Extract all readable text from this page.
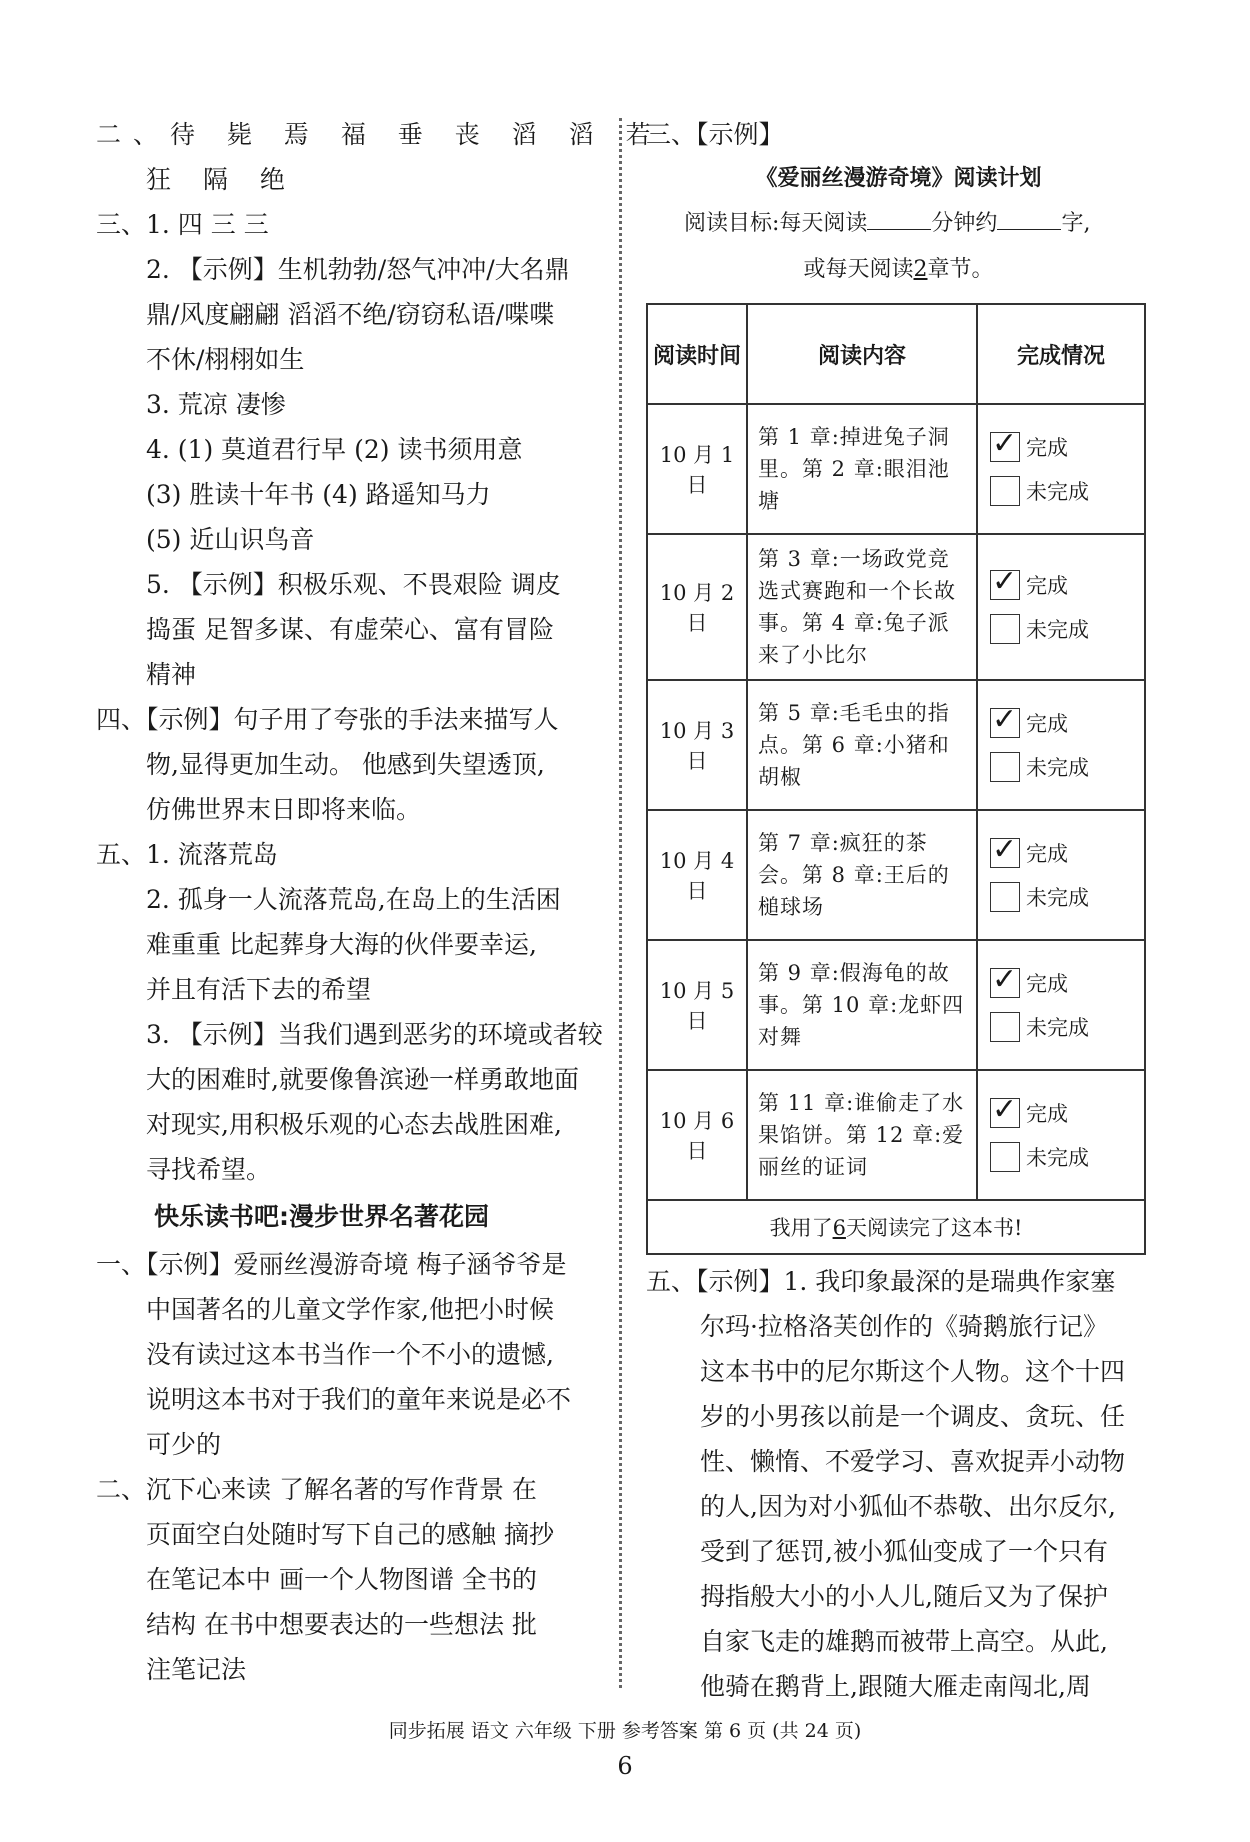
二、待 毙 焉 福 垂 丧 滔 滔 若
狂 隔 绝
三、1. 四 三 三
2. 【示例】生机勃勃/怒气冲冲/大名鼎
鼎/风度翩翩 滔滔不绝/窃窃私语/喋喋
不休/栩栩如生
3. 荒凉 凄惨
4. (1) 莫道君行早 (2) 读书须用意
(3) 胜读十年书 (4) 路遥知马力
(5) 近山识鸟音
5. 【示例】积极乐观、不畏艰险 调皮
捣蛋 足智多谋、有虚荣心、富有冒险
精神
四、【示例】句子用了夸张的手法来描写人
物,显得更加生动。 他感到失望透顶,
仿佛世界末日即将来临。
五、1. 流落荒岛
2. 孤身一人流落荒岛,在岛上的生活困
难重重 比起葬身大海的伙伴要幸运,
并且有活下去的希望
3. 【示例】当我们遇到恶劣的环境或者较
大的困难时,就要像鲁滨逊一样勇敢地面
对现实,用积极乐观的心态去战胜困难,
寻找希望。
快乐读书吧:漫步世界名著花园
一、【示例】爱丽丝漫游奇境 梅子涵爷爷是
中国著名的儿童文学作家,他把小时候
没有读过这本书当作一个不小的遗憾,
说明这本书对于我们的童年来说是必不
可少的
二、沉下心来读 了解名著的写作背景 在
页面空白处随时写下自己的感触 摘抄
在笔记本中 画一个人物图谱 全书的
结构 在书中想要表达的一些想法 批
注笔记法
三、【示例】
《爱丽丝漫游奇境》阅读计划
阅读目标:每天阅读	分钟约	字,
或每天阅读2章节。
阅读时间	阅读内容	完成情况
10 月 1 日	第 1 章:掉进兔子洞里。第 2 章:眼泪池塘	
✓
完成
未完成

10 月 2 日	第 3 章:一场政党竞选式赛跑和一个长故事。第 4 章:兔子派来了小比尔	
✓
完成
未完成

10 月 3 日	第 5 章:毛毛虫的指点。第 6 章:小猪和胡椒	
✓
完成
未完成

10 月 4 日	第 7 章:疯狂的茶会。第 8 章:王后的槌球场	
✓
完成
未完成

10 月 5 日	第 9 章:假海龟的故事。第 10 章:龙虾四对舞	
✓
完成
未完成

10 月 6 日	第 11 章:谁偷走了水果馅饼。第 12 章:爱丽丝的证词	
✓
完成
未完成

我用了6天阅读完了这本书!		
五、【示例】1. 我印象最深的是瑞典作家塞
尔玛·拉格洛芙创作的《骑鹅旅行记》
这本书中的尼尔斯这个人物。这个十四
岁的小男孩以前是一个调皮、贪玩、任
性、懒惰、不爱学习、喜欢捉弄小动物
的人,因为对小狐仙不恭敬、出尔反尔,
受到了惩罚,被小狐仙变成了一个只有
拇指般大小的小人儿,随后又为了保护
自家飞走的雄鹅而被带上高空。从此,
他骑在鹅背上,跟随大雁走南闯北,周
同步拓展 语文 六年级 下册 参考答案 第 6 页 (共 24 页)
6
